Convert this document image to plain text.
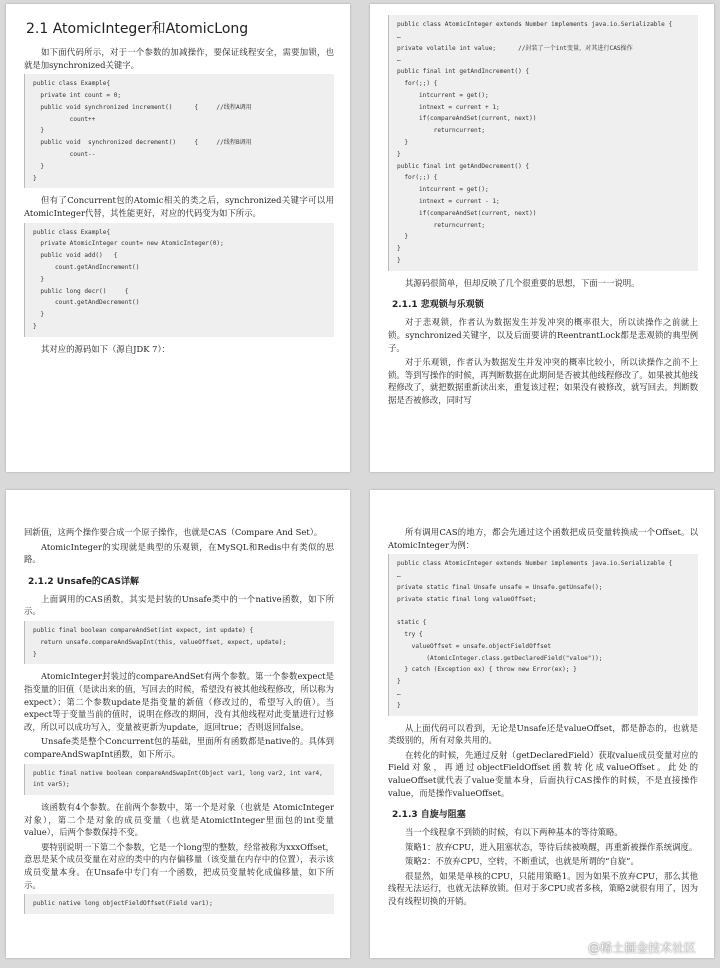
2.1 AtomicInteger和AtomicLong

如下面代码所示，对于一个参数的加减操作，要保证线程安全，需要加锁，也就是加synchronized关键字。

public class Example{
private int count = 0;
public void synchronized increment()      {     //线程A调用
count++
}
public void  synchronized decrement()     {     //线程B调用
count--
}
}

但有了Concurrent包的Atomic相关的类之后，synchronized关键字可以用AtomicInteger代替，其性能更好，对应的代码变为如下所示。

public class Example{
private AtomicInteger count= new AtomicInteger(0);
public void add()   {
count.getAndIncrement()
}
public long decr()     {
count.getAndDecrement()
}
}

其对应的源码如下（源自JDK 7）：

public class AtomicInteger extends Number implements java.io.Serializable {
…
private volatile int value;      //封装了一个int变量，对其进行CAS操作
…
public final int getAndIncrement() {
for(;;) {
intcurrent = get();
intnext = current + 1;
if(compareAndSet(current, next))
returncurrent;
}
}
public final int getAndDecrement() {
for(;;) {
intcurrent = get();
intnext = current - 1;
if(compareAndSet(current, next))
returncurrent;
}
}
}

其源码很简单，但却反映了几个很重要的思想，下面一一说明。

2.1.1 悲观锁与乐观锁

对于悲观锁，作者认为数据发生并发冲突的概率很大，所以读操作之前就上锁。synchronized关键字，以及后面要讲的ReentrantLock都是悲观锁的典型例子。

对于乐观锁，作者认为数据发生并发冲突的概率比较小，所以读操作之前不上锁。等到写操作的时候，再判断数据在此期间是否被其他线程修改了。如果被其他线程修改了，就把数据重新读出来，重复该过程；如果没有被修改，就写回去。判断数据是否被修改，同时写

回新值，这两个操作要合成一个原子操作，也就是CAS（Compare And Set）。

AtomicInteger的实现就是典型的乐观锁，在MySQL和Redis中有类似的思路。

2.1.2 Unsafe的CAS详解

上面调用的CAS函数，其实是封装的Unsafe类中的一个native函数，如下所示。

public final boolean compareAndSet(int expect, int update) {
return unsafe.compareAndSwapInt(this, valueOffset, expect, update);
}

AtomicInteger封装过的compareAndSet有两个参数。第一个参数expect是指变量的旧值（是读出来的值，写回去的时候，希望没有被其他线程修改，所以称为expect）；第二个参数update是指变量的新值（修改过的，希望写入的值）。当expect等于变量当前的值时，说明在修改的期间，没有其他线程对此变量进行过修改，所以可以成功写入，变量被更新为update，返回true；否则返回false。

Unsafe类是整个Concurrent包的基础，里面所有函数都是native的。具体到compareAndSwapInt函数，如下所示。

public final native boolean compareAndSwapInt(Object var1, long var2, int var4,
int var5);

该函数有4个参数。在前两个参数中，第一个是对象（也就是 AtomicInteger 对象），第二个是对象的成员变量（也就是AtomictInteger里面包的int变量value），后两个参数保持不变。

要特别说明一下第二个参数，它是一个long型的整数，经常被称为xxxOffset，意思是某个成员变量在对应的类中的内存偏移量（该变量在内存中的位置），表示该成员变量本身。在Unsafe中专门有一个函数，把成员变量转化成偏移量，如下所示。

public native long objectFieldOffset(Field var1);

所有调用CAS的地方，都会先通过这个函数把成员变量转换成一个Offset。以AtomicInteger为例：

public class AtomicInteger extends Number implements java.io.Serializable {
…
private static final Unsafe unsafe = Unsafe.getUnsafe();
private static final long valueOffset;

static {
try {
valueOffset = unsafe.objectFieldOffset
(AtomicInteger.class.getDeclaredField("value"));
} catch (Exception ex) { throw new Error(ex); }
}
…
}

从上面代码可以看到，无论是Unsafe还是valueOffset，都是静态的，也就是类级别的，所有对象共用的。

在转化的时候，先通过反射（getDeclaredField）获取value成员变量对应的Field对象，再通过objectFieldOffset函数转化成valueOffset。此处的valueOffset就代表了value变量本身，后面执行CAS操作的时候，不是直接操作value，而是操作valueOffset。

2.1.3 自旋与阻塞

当一个线程拿不到锁的时候，有以下两种基本的等待策略。

策略1：放弃CPU，进入阻塞状态，等待后续被唤醒，再重新被操作系统调度。

策略2：不放弃CPU，空转，不断重试，也就是所谓的“自旋”。

很显然，如果是单核的CPU，只能用策略1。因为如果不放弃CPU，那么其他线程无法运行，也就无法释放锁。但对于多CPU或者多核，策略2就很有用了，因为没有线程切换的开销。

@稀土掘金技术社区
